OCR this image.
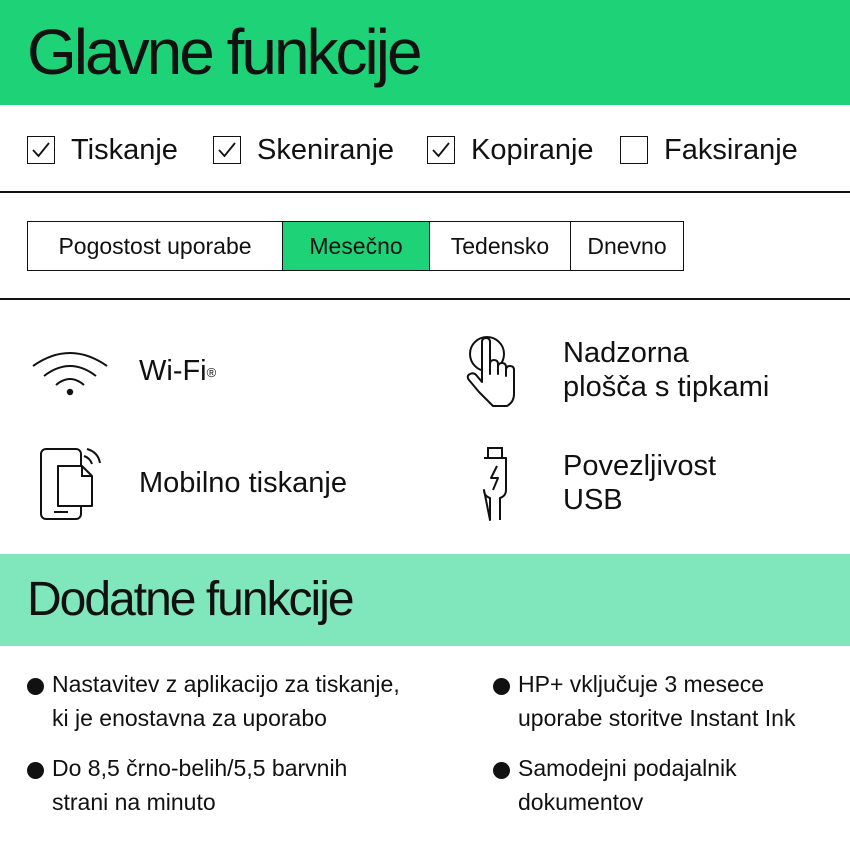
Glavne funkcije
Tiskanje	Skeniranje	Kopiranje Faksiranje
Pogostost uporabe	Mesečno	Tedensko	Dnevno
Wi-Fi®
Nadzorna
plošča s tipkami
Mobilno tiskanje
Povezljivost
USB
Dodatne funkcije
Nastavitev z aplikacijo za tiskanje,
ki je enostavna za uporabo
HP+ vključuje 3 mesece
uporabe storitve Instant Ink
Do 8,5 črno-belih/5,5 barvnih
strani na minuto
Samodejni podajalnik
dokumentov
